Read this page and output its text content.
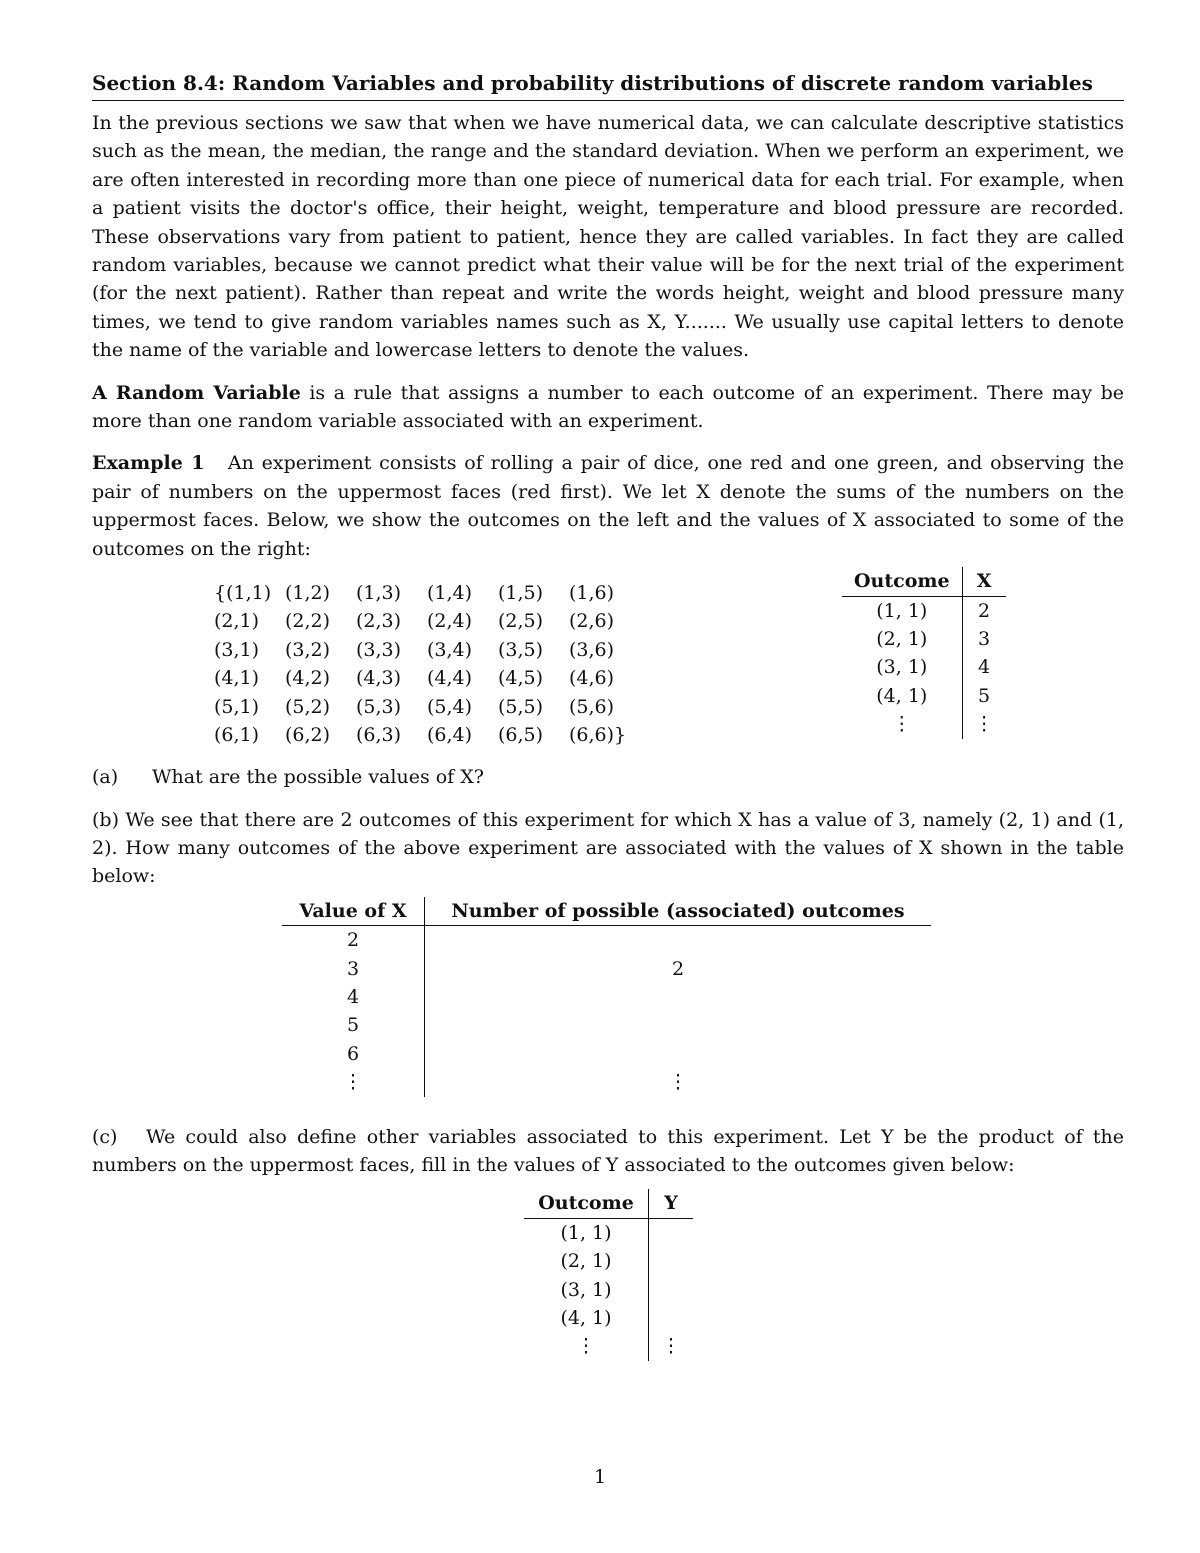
Section 8.4: Random Variables and probability distributions of discrete random variables

In the previous sections we saw that when we have numerical data, we can calculate descriptive statistics such as the mean, the median, the range and the standard deviation. When we perform an experiment, we are often interested in recording more than one piece of numerical data for each trial. For example, when a patient visits the doctor's office, their height, weight, temperature and blood pressure are recorded. These observations vary from patient to patient, hence they are called variables. In fact they are called random variables, because we cannot predict what their value will be for the next trial of the experiment (for the next patient). Rather than repeat and write the words height, weight and blood pressure many times, we tend to give random variables names such as X, Y....... We usually use capital letters to denote the name of the variable and lowercase letters to denote the values.

A Random Variable is a rule that assigns a number to each outcome of an experiment. There may be more than one random variable associated with an experiment.

Example 1 An experiment consists of rolling a pair of dice, one red and one green, and observing the pair of numbers on the uppermost faces (red first). We let X denote the sums of the numbers on the uppermost faces. Below, we show the outcomes on the left and the values of X associated to some of the outcomes on the right:

{(1,1) (1,2) (1,3) (1,4) (1,5) (1,6)
(2,1) (2,2) (2,3) (2,4) (2,5) (2,6)
(3,1) (3,2) (3,3) (3,4) (3,5) (3,6)
(4,1) (4,2) (4,3) (4,4) (4,5) (4,6)
(5,1) (5,2) (5,3) (5,4) (5,5) (5,6)
(6,1) (6,2) (6,3) (6,4) (6,5) (6,6)}
Outcome	X
(1, 1)	2
(2, 1)	3
(3, 1)	4
(4, 1)	5
⋮	⋮

(a) What are the possible values of X?

(b) We see that there are 2 outcomes of this experiment for which X has a value of 3, namely (2, 1) and (1, 2). How many outcomes of the above experiment are associated with the values of X shown in the table below:

Value of X	Number of possible (associated) outcomes
2	
3	2
4	
5	
6	
⋮	⋮

(c) We could also define other variables associated to this experiment. Let Y be the product of the numbers on the uppermost faces, fill in the values of Y associated to the outcomes given below:

Outcome	Y
(1, 1)	
(2, 1)	
(3, 1)	
(4, 1)	
⋮	⋮
1
